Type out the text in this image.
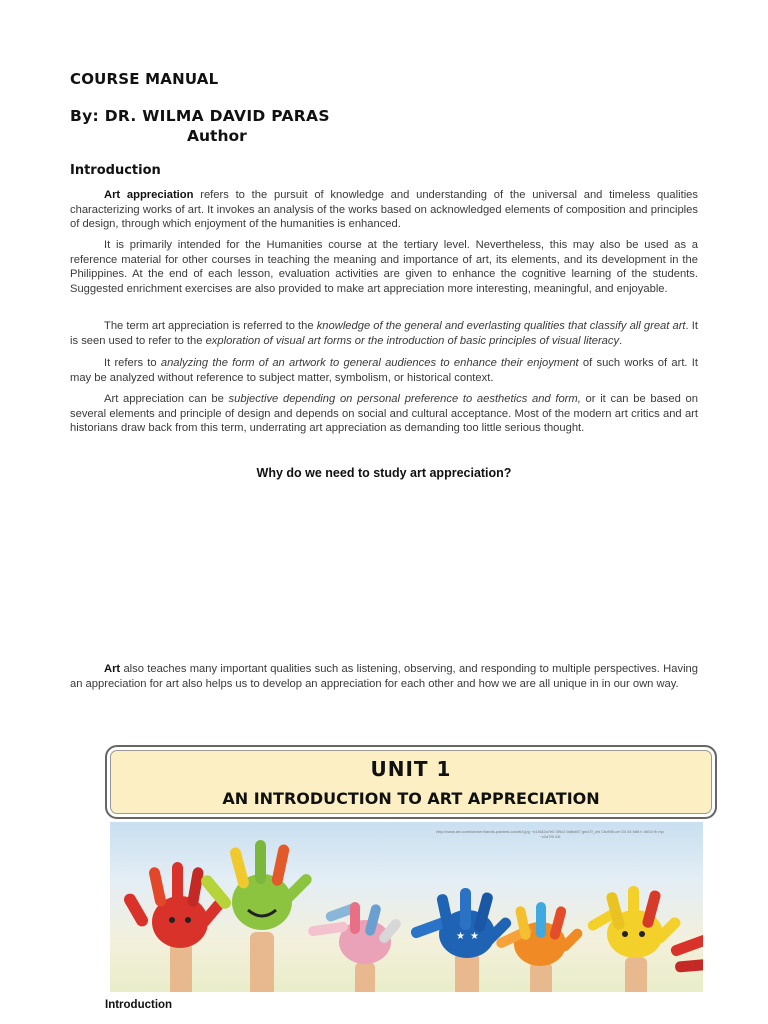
COURSE MANUAL
By: DR. WILMA DAVID PARAS
Author
Introduction

Art appreciation refers to the pursuit of knowledge and understanding of the universal and timeless qualities characterizing works of art. It invokes an analysis of the works based on acknowledged elements of composition and principles of design, through which enjoyment of the humanities is enhanced.

It is primarily intended for the Humanities course at the tertiary level. Nevertheless, this may also be used as a reference material for other courses in teaching the meaning and importance of art, its elements, and its development in the Philippines. At the end of each lesson, evaluation activities are given to enhance the cognitive learning of the students. Suggested enrichment exercises are also provided to make art appreciation more interesting, meaningful, and enjoyable.

The term art appreciation is referred to the knowledge of the general and everlasting qualities that classify all great art. It is seen used to refer to the exploration of visual art forms or the introduction of basic principles of visual literacy.

It refers to analyzing the form of an artwork to general audiences to enhance their enjoyment of such works of art. It may be analyzed without reference to subject matter, symbolism, or historical context.

Art appreciation can be subjective depending on personal preference to aesthetics and form, or it can be based on several elements and principle of design and depends on social and cultural acceptance. Most of the modern art critics and art historians draw back from this term, underrating art appreciation as demanding too little serious thought.

Why do we need to study art appreciation?

Art also teaches many important qualities such as listening, observing, and responding to multiple perspectives. Having an appreciation for art also helps us to develop an appreciation for each other and how we are all unique in in our own way.

UNIT 1
AN INTRODUCTION TO ART APPRECIATION
http://www.art.com/banner/hands-painted-colorful.jpg ~b1f4d2a7e0 3f9c2 fa8bd87 gw47f_wh Cbd96t.cm 04 34 b88 h 4b04 fh mp ~c2a7f9 41t
★ ★
Introduction
